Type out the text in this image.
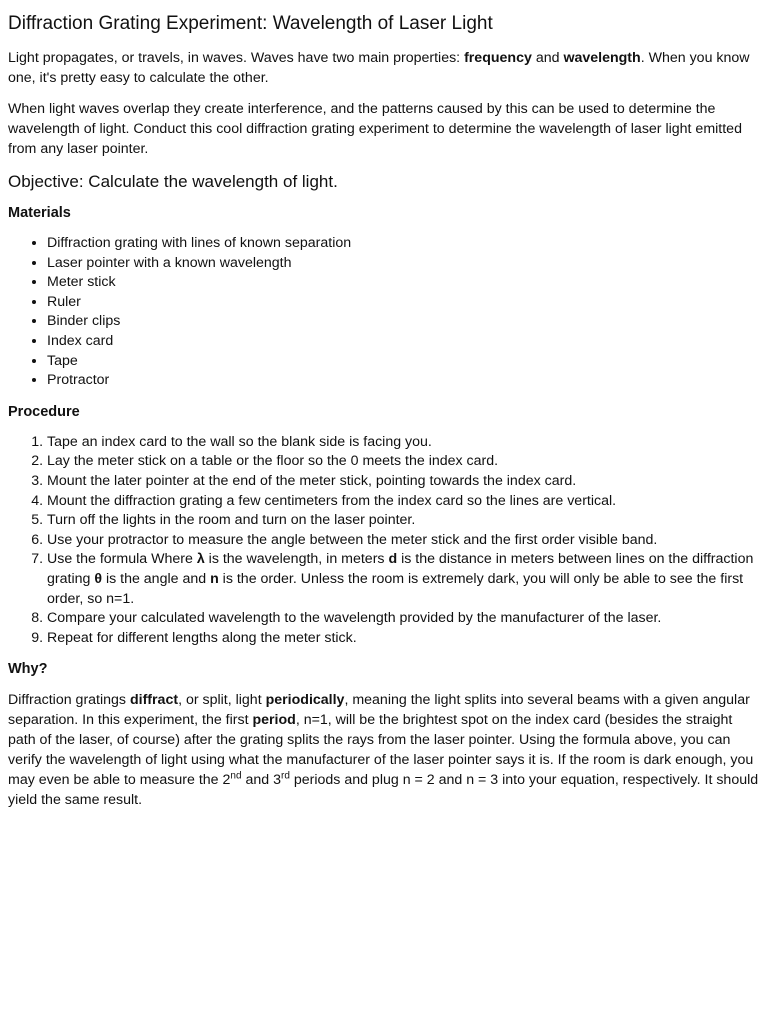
Diffraction Grating Experiment: Wavelength of Laser Light

Light propagates, or travels, in waves. Waves have two main properties: frequency and wavelength. When you know one, it's pretty easy to calculate the other.

When light waves overlap they create interference, and the patterns caused by this can be used to determine the wavelength of light. Conduct this cool diffraction grating experiment to determine the wavelength of laser light emitted from any laser pointer.

Objective: Calculate the wavelength of light.
Materials
• Diffraction grating with lines of known separation
• Laser pointer with a known wavelength
• Meter stick
• Ruler
• Binder clips
• Index card
• Tape
• Protractor
Procedure
1. Tape an index card to the wall so the blank side is facing you.
2. Lay the meter stick on a table or the floor so the 0 meets the index card.
3. Mount the later pointer at the end of the meter stick, pointing towards the index card.
4. Mount the diffraction grating a few centimeters from the index card so the lines are vertical.
5. Turn off the lights in the room and turn on the laser pointer.
6. Use your protractor to measure the angle between the meter stick and the first order visible band.
7. Use the formula Where λ is the wavelength, in meters d is the distance in meters between lines on the diffraction grating θ is the angle and n is the order. Unless the room is extremely dark, you will only be able to see the first order, so n=1.
8. Compare your calculated wavelength to the wavelength provided by the manufacturer of the laser.
9. Repeat for different lengths along the meter stick.
Why?

Diffraction gratings diffract, or split, light periodically, meaning the light splits into several beams with a given angular separation. In this experiment, the first period, n=1, will be the brightest spot on the index card (besides the straight path of the laser, of course) after the grating splits the rays from the laser pointer. Using the formula above, you can verify the wavelength of light using what the manufacturer of the laser pointer says it is. If the room is dark enough, you may even be able to measure the 2nd and 3rd periods and plug n = 2 and n = 3 into your equation, respectively. It should yield the same result.
